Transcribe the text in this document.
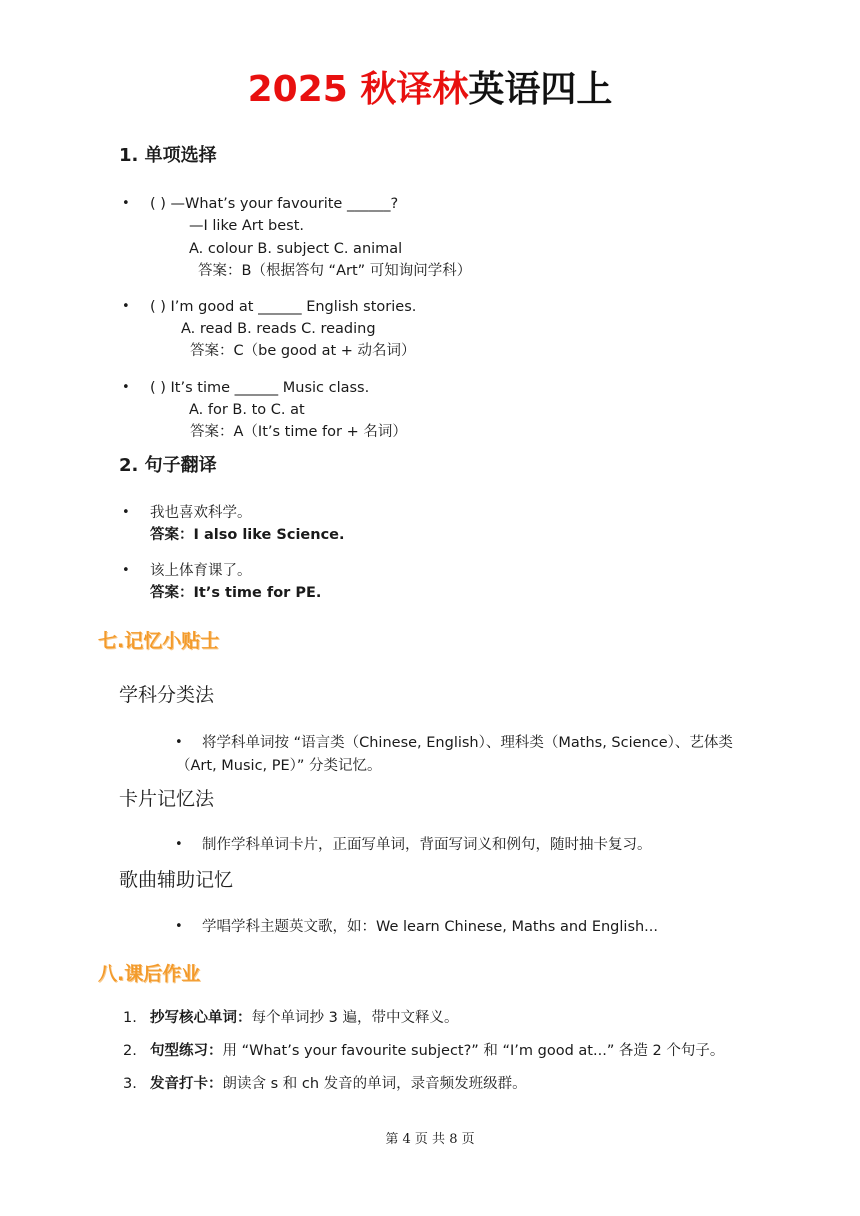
2025 秋译林英语四上
1. 单项选择
• ( ) —What’s your favourite ______?
—I like Art best.
A. colour B. subject C. animal
答案：B（根据答句 “Art” 可知询问学科）
• ( ) I’m good at ______ English stories.
A. read B. reads C. reading
答案：C（be good at + 动名词）
• ( ) It’s time ______ Music class.
A. for B. to C. at
答案：A（It’s time for + 名词）
2. 句子翻译
• 我也喜欢科学。
答案：I also like Science.
• 该上体育课了。
答案：It’s time for PE.
七.记忆小贴士
学科分类法
• 将学科单词按 “语言类（Chinese, English）、理科类（Maths, Science）、艺体类
（Art, Music, PE）” 分类记忆。
卡片记忆法
• 制作学科单词卡片，正面写单词，背面写词义和例句，随时抽卡复习。
歌曲辅助记忆
• 学唱学科主题英文歌，如：We learn Chinese, Maths and English...
八.课后作业
1. 抄写核心单词：每个单词抄 3 遍，带中文释义。
2. 句型练习：用 “What’s your favourite subject?” 和 “I’m good at...” 各造 2 个句子。
3. 发音打卡：朗读含 s 和 ch 发音的单词，录音频发班级群。
第 4 页 共 8 页
